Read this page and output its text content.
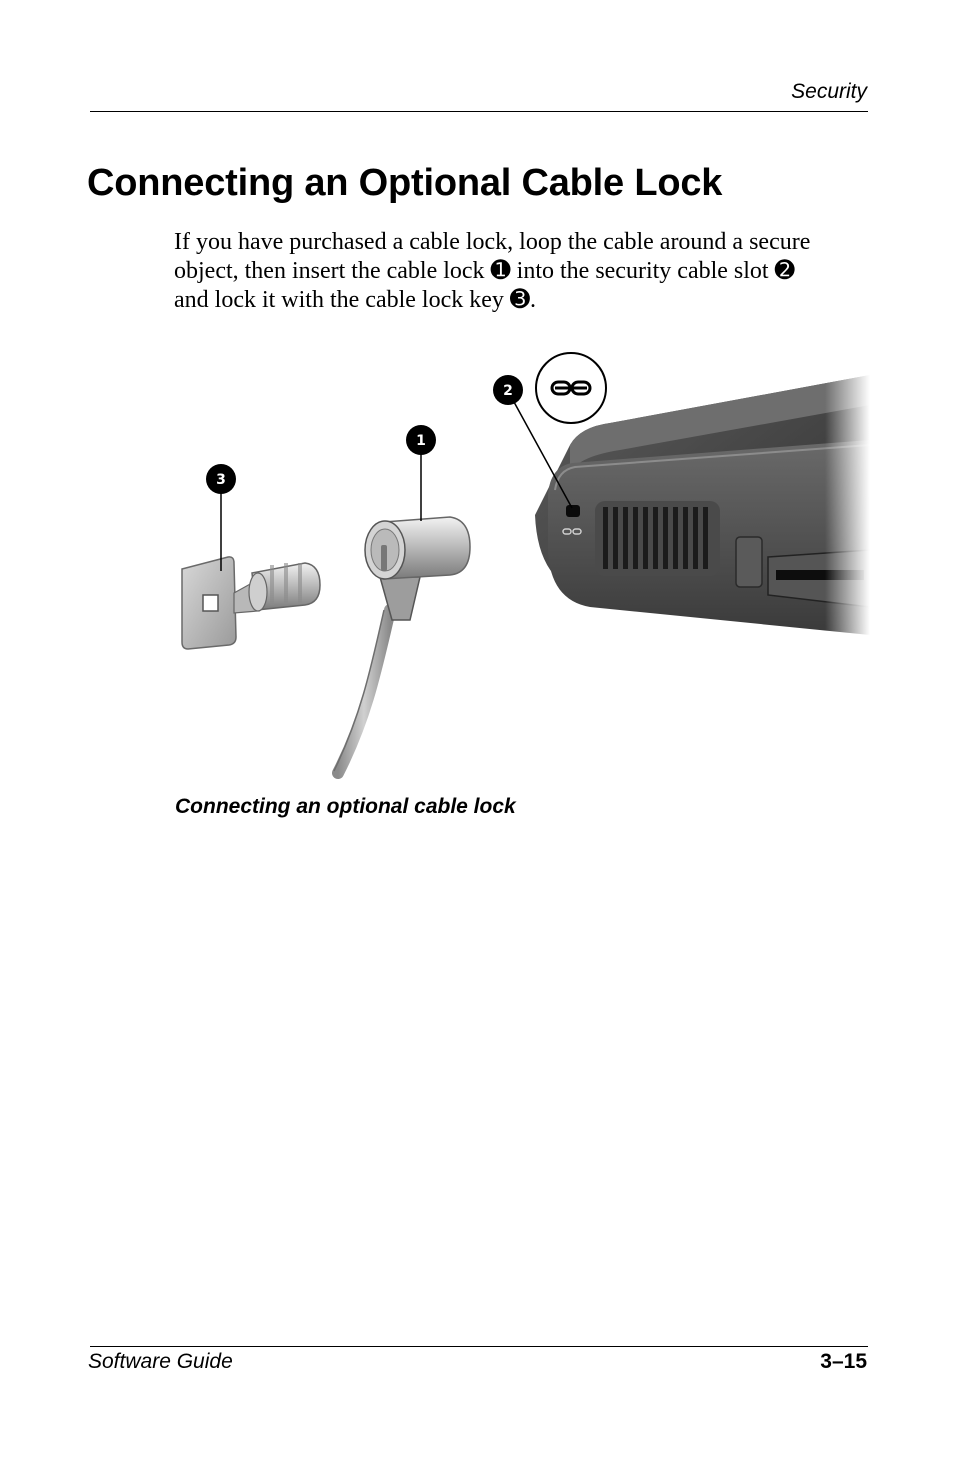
Security
Connecting an Optional Cable Lock

If you have purchased a cable lock, loop the cable around a secure
object, then insert the cable lock ➊ into the security cable slot ➋
and lock it with the cable lock key ➌.

1
2
3
Connecting an optional cable lock
Software Guide	3–15
